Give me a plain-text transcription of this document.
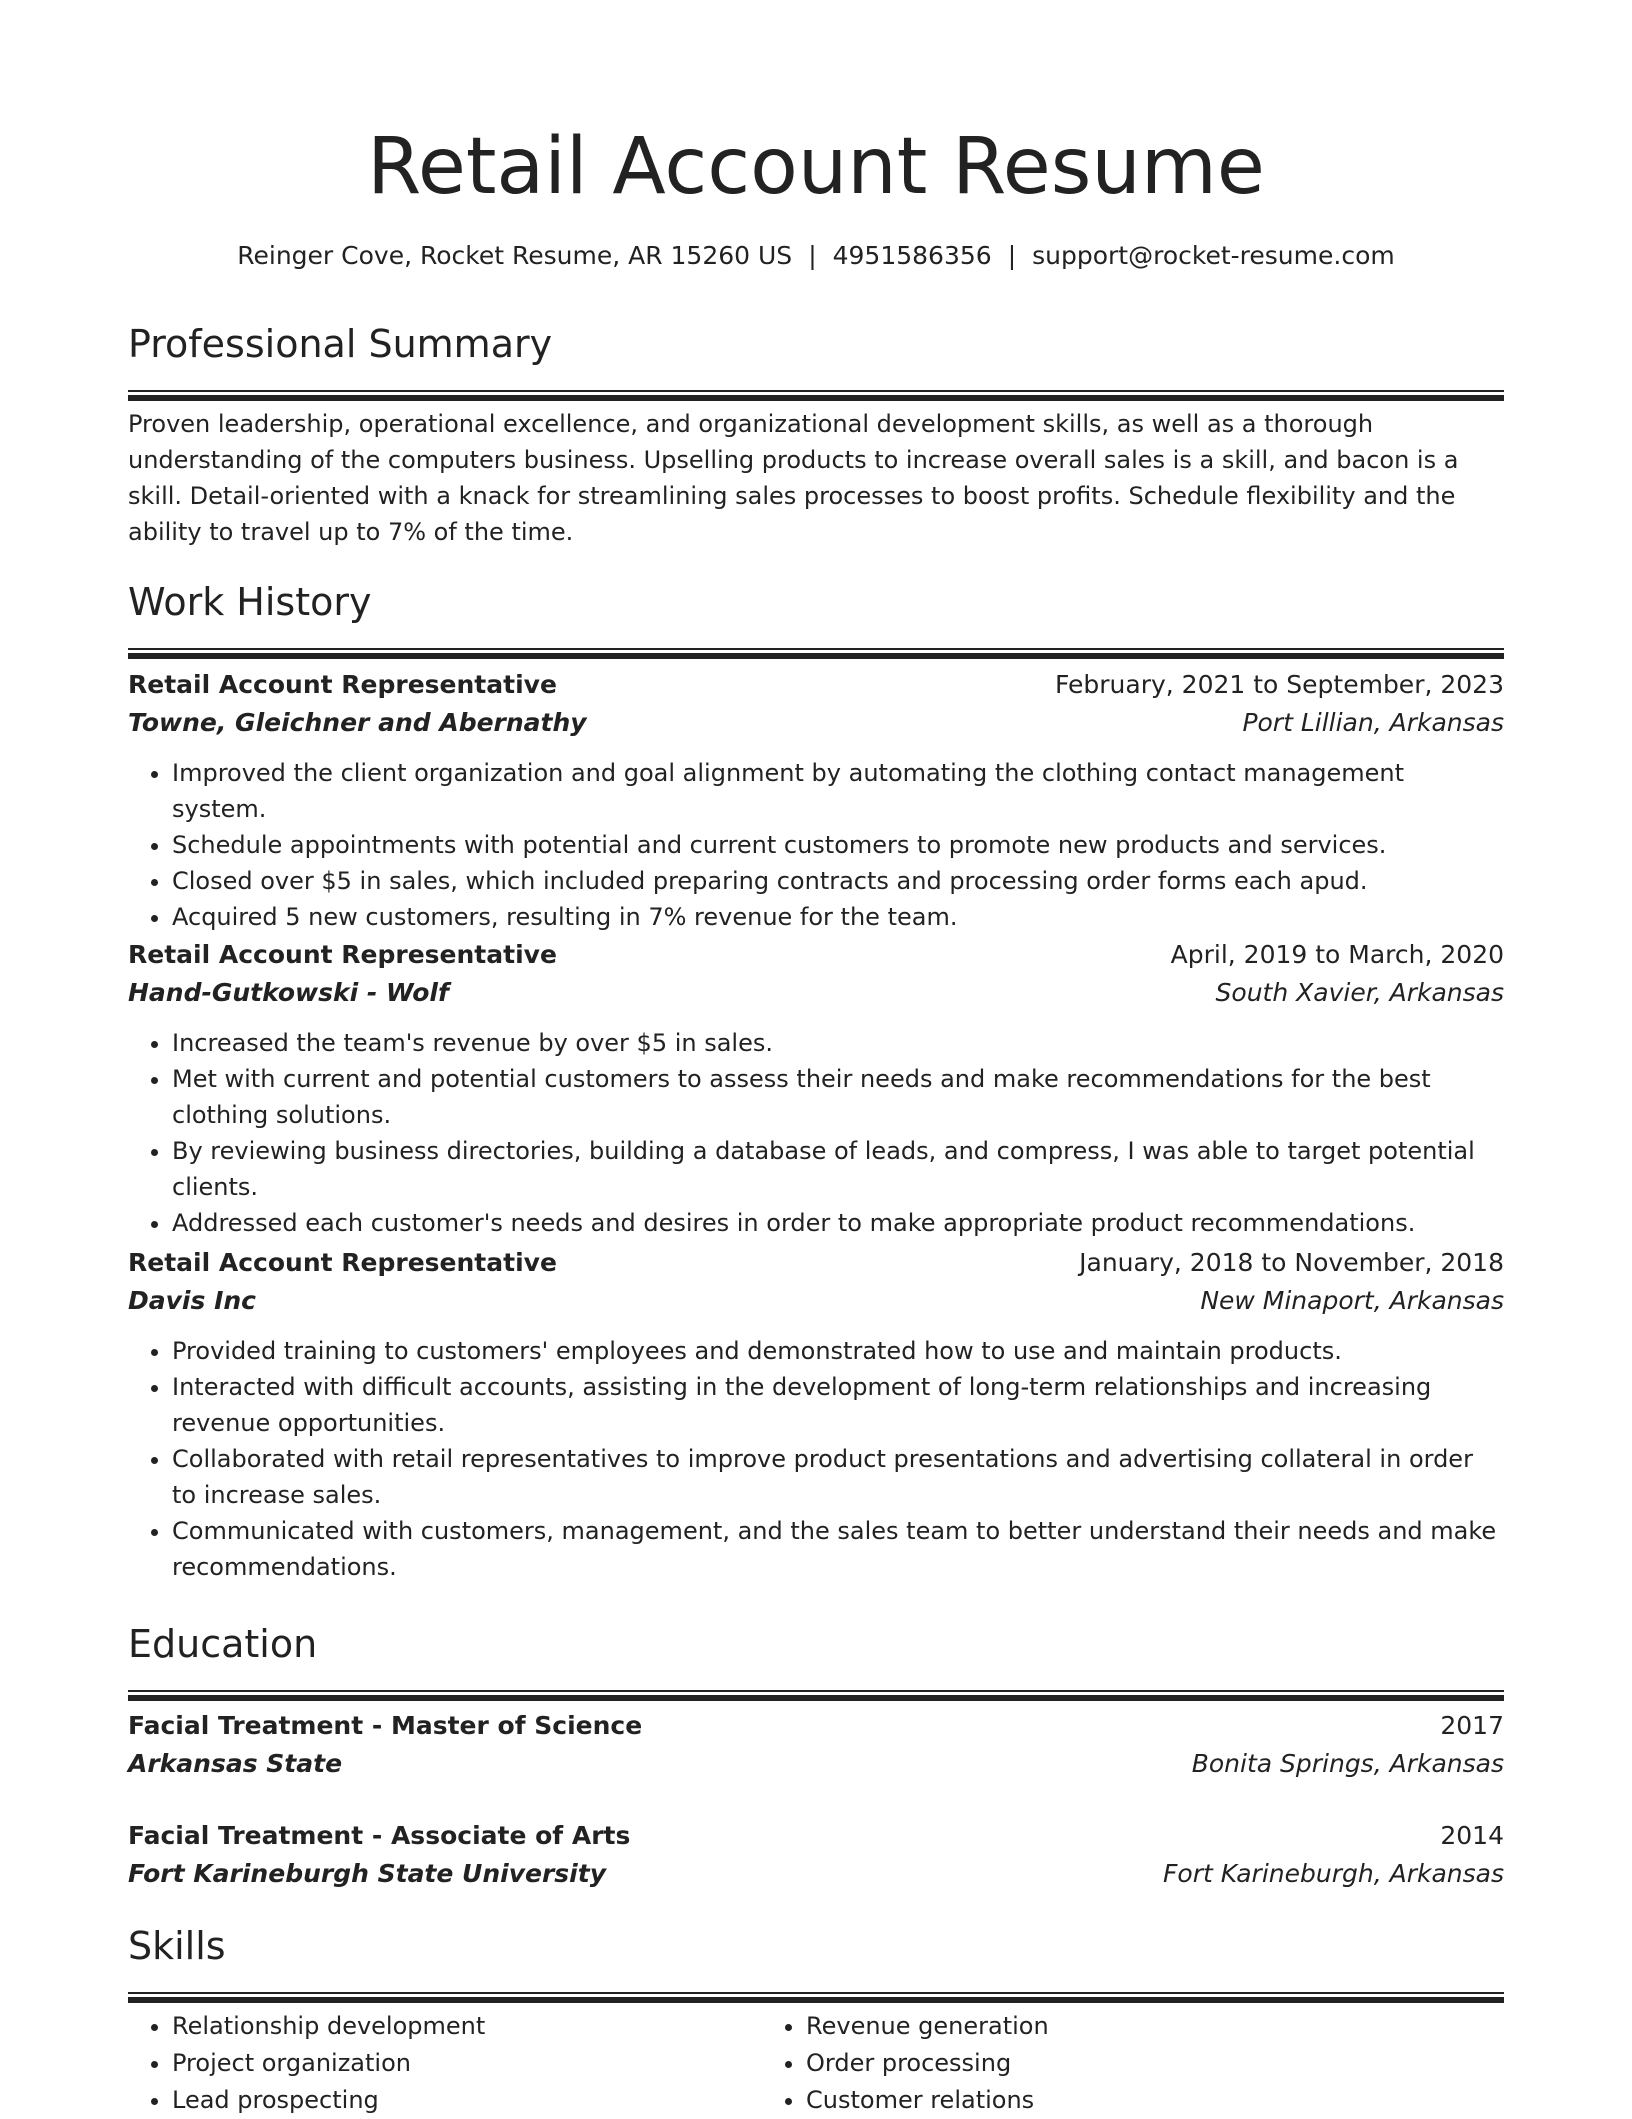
Retail Account Resume
Reinger Cove, Rocket Resume, AR 15260 US | 4951586356 | support@rocket-resume.com
Professional Summary

Proven leadership, operational excellence, and organizational development skills, as well as a thorough understanding of the computers business. Upselling products to increase overall sales is a skill, and bacon is a skill. Detail-oriented with a knack for streamlining sales processes to boost profits. Schedule flexibility and the ability to travel up to 7% of the time.

Work History
Retail Account Representative	February, 2021 to September, 2023
Towne, Gleichner and Abernathy	Port Lillian, Arkansas
• Improved the client organization and goal alignment by automating the clothing contact management system.
• Schedule appointments with potential and current customers to promote new products and services.
• Closed over $5 in sales, which included preparing contracts and processing order forms each apud.
• Acquired 5 new customers, resulting in 7% revenue for the team.
Retail Account Representative	April, 2019 to March, 2020
Hand-Gutkowski - Wolf	South Xavier, Arkansas
• Increased the team's revenue by over $5 in sales.
• Met with current and potential customers to assess their needs and make recommendations for the best clothing solutions.
• By reviewing business directories, building a database of leads, and compress, I was able to target potential clients.
• Addressed each customer's needs and desires in order to make appropriate product recommendations.
Retail Account Representative	January, 2018 to November, 2018
Davis Inc	New Minaport, Arkansas
• Provided training to customers' employees and demonstrated how to use and maintain products.
• Interacted with difficult accounts, assisting in the development of long-term relationships and increasing revenue opportunities.
• Collaborated with retail representatives to improve product presentations and advertising collateral in order to increase sales.
• Communicated with customers, management, and the sales team to better understand their needs and make recommendations.
Education
Facial Treatment - Master of Science	2017
Arkansas State	Bonita Springs, Arkansas
Facial Treatment - Associate of Arts	2014
Fort Karineburgh State University	Fort Karineburgh, Arkansas
Skills
• Relationship development
• Project organization
• Lead prospecting
• Revenue generation
• Order processing
• Customer relations
